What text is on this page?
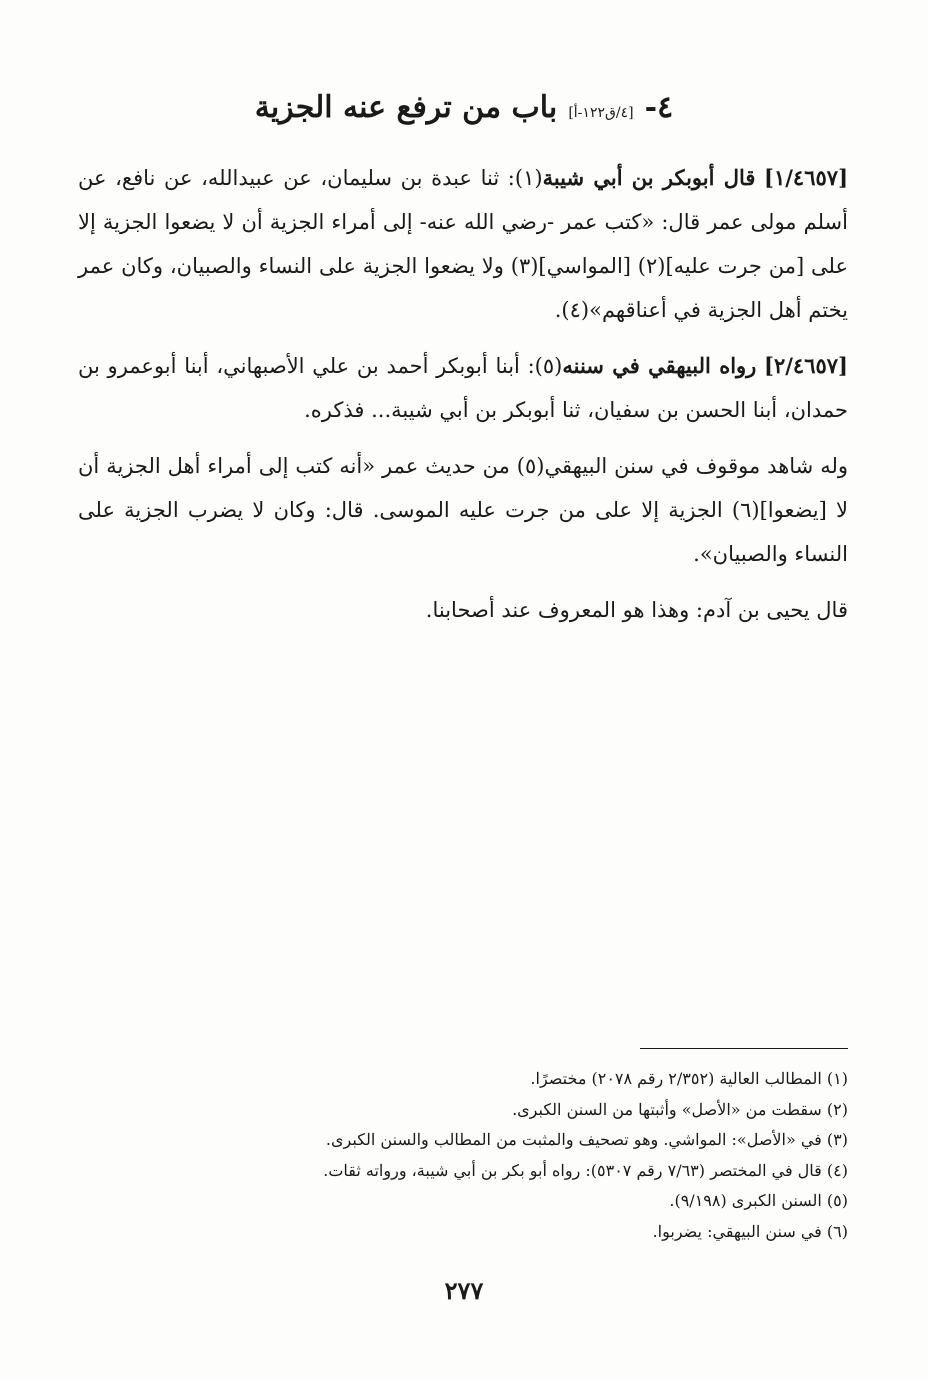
٤- [٤/ق١٢٢-أ] باب من ترفع عنه الجزية

[١/٤٦٥٧] قال أبوبكر بن أبي شيبة(١): ثنا عبدة بن سليمان، عن عبيدالله، عن نافع، عن أسلم مولى عمر قال: «كتب عمر -رضي الله عنه- إلى أمراء الجزية أن لا يضعوا الجزية إلا على [من جرت عليه](٢) [المواسي](٣) ولا يضعوا الجزية على النساء والصبيان، وكان عمر يختم أهل الجزية في أعناقهم»(٤).

[٢/٤٦٥٧] رواه البيهقي في سننه(٥): أبنا أبوبكر أحمد بن علي الأصبهاني، أبنا أبوعمرو بن حمدان، أبنا الحسن بن سفيان، ثنا أبوبكر بن أبي شيبة... فذكره.

وله شاهد موقوف في سنن البيهقي(٥) من حديث عمر «أنه كتب إلى أمراء أهل الجزية أن لا [يضعوا](٦) الجزية إلا على من جرت عليه الموسى. قال: وكان لا يضرب الجزية على النساء والصبيان».

قال يحيى بن آدم: وهذا هو المعروف عند أصحابنا.

(١) المطالب العالية (٢/٣٥٢ رقم ٢٠٧٨) مختصرًا.

(٢) سقطت من «الأصل» وأثبتها من السنن الكبرى.

(٣) في «الأصل»: المواشي. وهو تصحيف والمثبت من المطالب والسنن الكبرى.

(٤) قال في المختصر (٧/٦٣ رقم ٥٣٠٧): رواه أبو بكر بن أبي شيبة، ورواته ثقات.

(٥) السنن الكبرى (٩/١٩٨).

(٦) في سنن البيهقي: يضربوا.

٢٧٧
